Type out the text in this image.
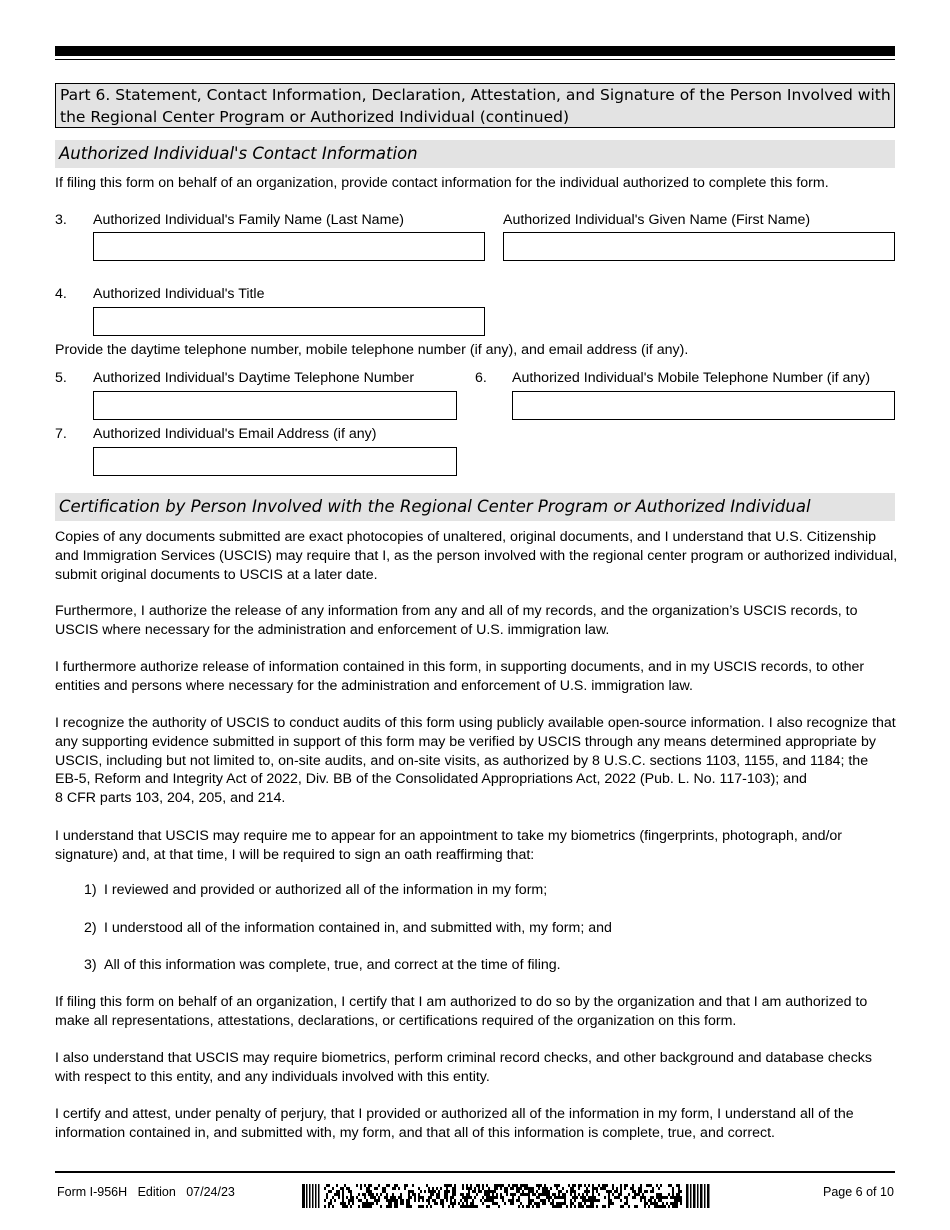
Part 6. Statement, Contact Information, Declaration, Attestation, and Signature of the Person Involved with the Regional Center Program or Authorized Individual (continued)
Authorized Individual's Contact Information
If filing this form on behalf of an organization, provide contact information for the individual authorized to complete this form.
3. Authorized Individual's Family Name (Last Name)	Authorized Individual's Given Name (First Name)
4. Authorized Individual's Title
Provide the daytime telephone number, mobile telephone number (if any), and email address (if any).
5. Authorized Individual's Daytime Telephone Number	6. Authorized Individual's Mobile Telephone Number (if any)
7. Authorized Individual's Email Address (if any)
Certification by Person Involved with the Regional Center Program or Authorized Individual
Copies of any documents submitted are exact photocopies of unaltered, original documents, and I understand that U.S. Citizenship and Immigration Services (USCIS) may require that I, as the person involved with the regional center program or authorized individual, submit original documents to USCIS at a later date.
Furthermore, I authorize the release of any information from any and all of my records, and the organization’s USCIS records, to USCIS where necessary for the administration and enforcement of U.S. immigration law.
I furthermore authorize release of information contained in this form, in supporting documents, and in my USCIS records, to other entities and persons where necessary for the administration and enforcement of U.S. immigration law.
I recognize the authority of USCIS to conduct audits of this form using publicly available open-source information. I also recognize that any supporting evidence submitted in support of this form may be verified by USCIS through any means determined appropriate by USCIS, including but not limited to, on-site audits, and on-site visits, as authorized by 8 U.S.C. sections 1103, 1155, and 1184; the
EB-5, Reform and Integrity Act of 2022, Div. BB of the Consolidated Appropriations Act, 2022 (Pub. L. No. 117-103); and
8 CFR parts 103, 204, 205, and 214.
I understand that USCIS may require me to appear for an appointment to take my biometrics (fingerprints, photograph, and/or signature) and, at that time, I will be required to sign an oath reaffirming that:
1) I reviewed and provided or authorized all of the information in my form;
2) I understood all of the information contained in, and submitted with, my form; and
3) All of this information was complete, true, and correct at the time of filing.
If filing this form on behalf of an organization, I certify that I am authorized to do so by the organization and that I am authorized to make all representations, attestations, declarations, or certifications required of the organization on this form.
I also understand that USCIS may require biometrics, perform criminal record checks, and other background and database checks with respect to this entity, and any individuals involved with this entity.
I certify and attest, under penalty of perjury, that I provided or authorized all of the information in my form, I understand all of the information contained in, and submitted with, my form, and that all of this information is complete, true, and correct.
Form I-956H   Edition   07/24/23	Page 6 of 10
